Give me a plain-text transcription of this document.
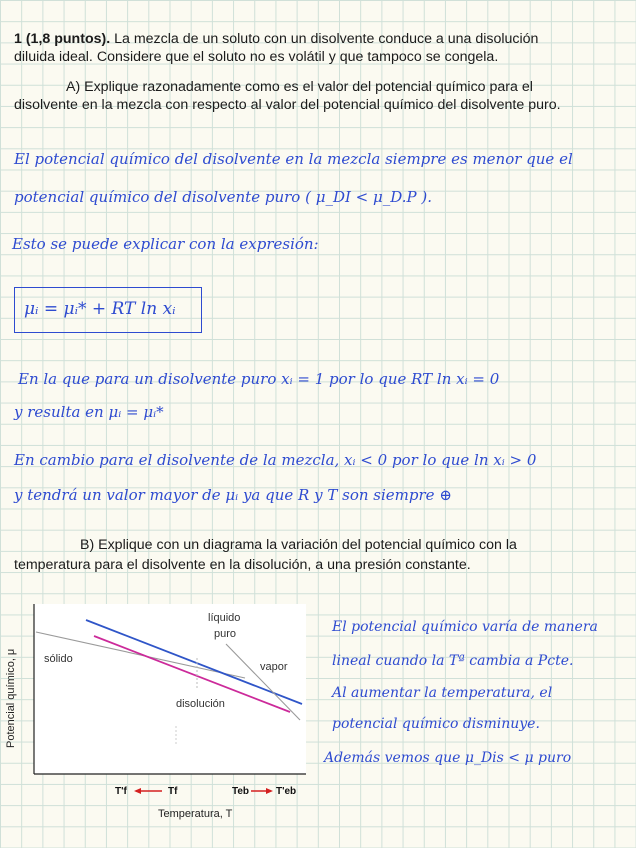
1 (1,8 puntos). La mezcla de un soluto con un disolvente conduce a una disolución
diluida ideal. Considere que el soluto no es volátil y que tampoco se congela.
A) Explique razonadamente como es el valor del potencial químico para el
disolvente en la mezcla con respecto al valor del potencial químico del disolvente puro.
El potencial químico del disolvente en la mezcla siempre es menor que el
potencial químico del disolvente puro ( μ_DI < μ_D.P ).
Esto se puede explicar con la expresión:
μᵢ = μᵢ* + RT ln xᵢ
En la que para un disolvente puro xᵢ = 1 por lo que RT ln xᵢ = 0
y resulta en μᵢ = μᵢ*
En cambio para el disolvente de la mezcla, xᵢ < 0 por lo que ln xᵢ > 0
y tendrá un valor mayor de μᵢ ya que R y T son siempre ⊕
B) Explique con un diagrama la variación del potencial químico con la
temperatura para el disolvente en la disolución, a una presión constante.
sólido
líquido
puro
vapor
disolución
Potencial químico, μ
Temperatura, T
T'f	Tf	Teb	T'eb
El potencial químico varía de manera
lineal cuando la Tª cambia a Pcte.
Al aumentar la temperatura, el
potencial químico disminuye.
Además vemos que μ_Dis < μ puro
